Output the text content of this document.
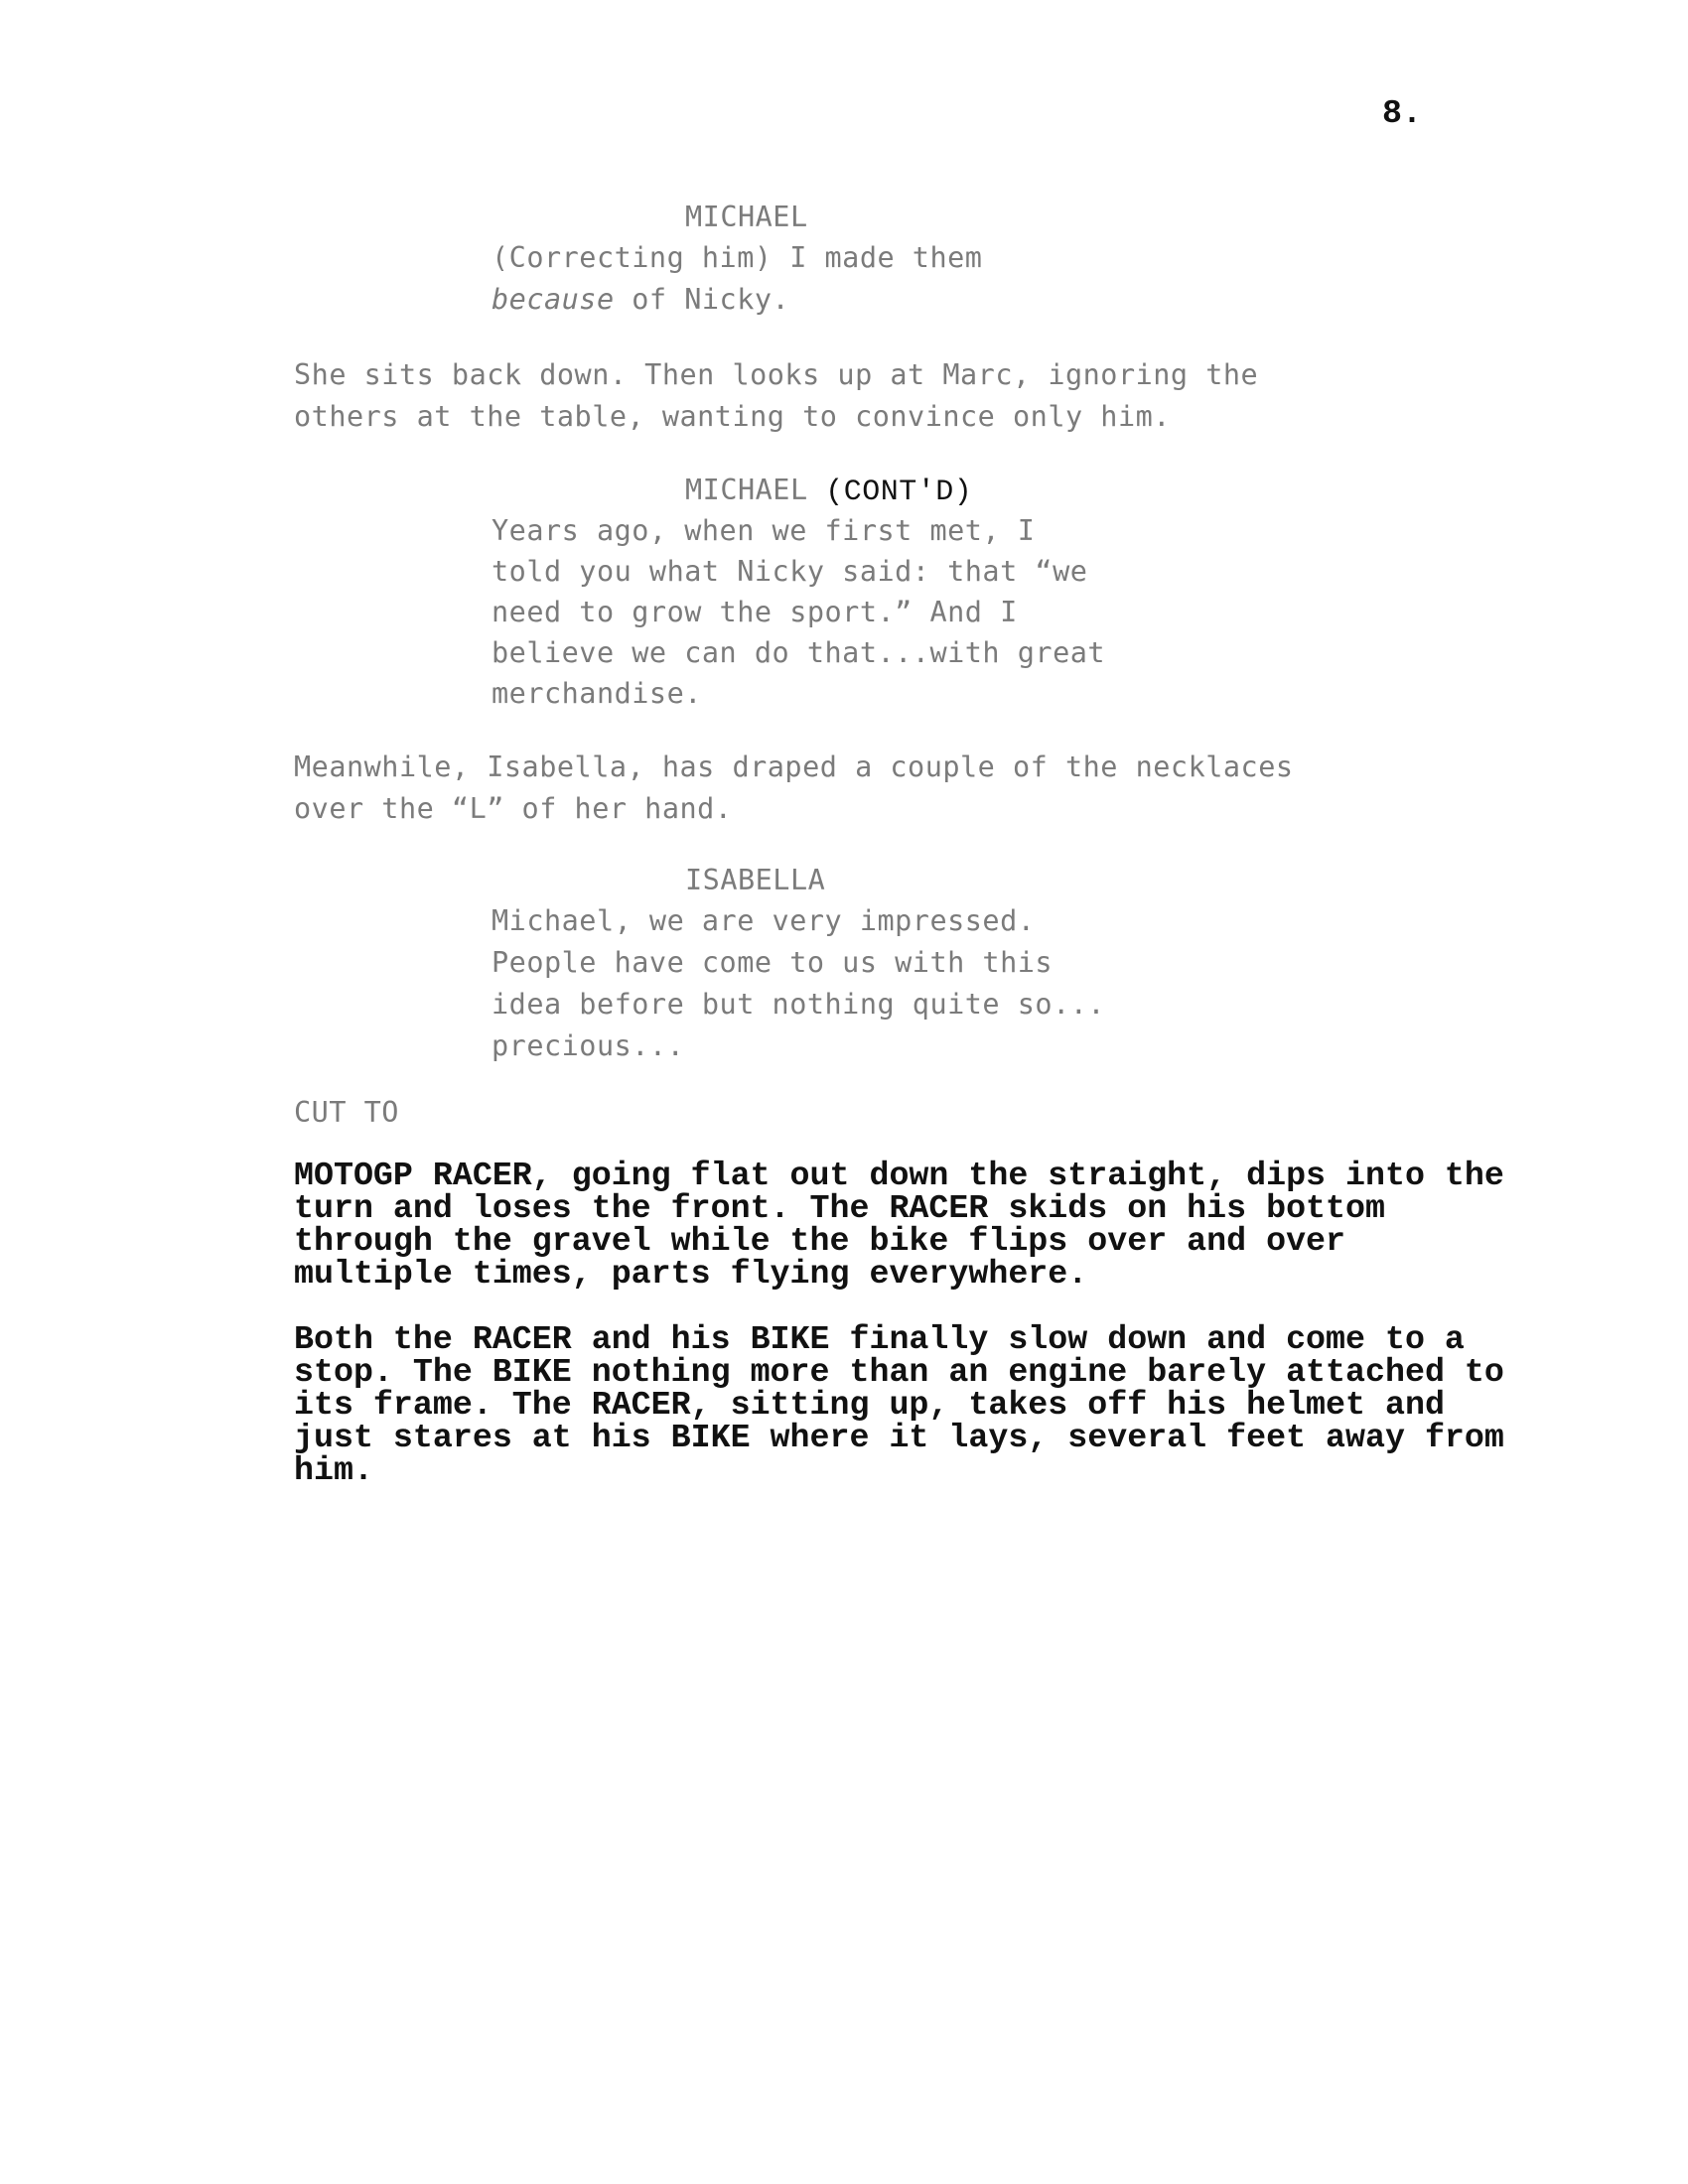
8.
MICHAEL
(Correcting him) I made them
because of Nicky.
She sits back down. Then looks up at Marc, ignoring the
others at the table, wanting to convince only him.
MICHAEL (CONT'D)
Years ago, when we first met, I
told you what Nicky said: that “we
need to grow the sport.” And I
believe we can do that...with great
merchandise.
Meanwhile, Isabella, has draped a couple of the necklaces
over the “L” of her hand.
ISABELLA
Michael, we are very impressed.
People have come to us with this
idea before but nothing quite so...
precious...
CUT TO
MOTOGP RACER, going flat out down the straight, dips into the
turn and loses the front. The RACER skids on his bottom
through the gravel while the bike flips over and over
multiple times, parts flying everywhere.
Both the RACER and his BIKE finally slow down and come to a
stop. The BIKE nothing more than an engine barely attached to
its frame. The RACER, sitting up, takes off his helmet and
just stares at his BIKE where it lays, several feet away from
him.
